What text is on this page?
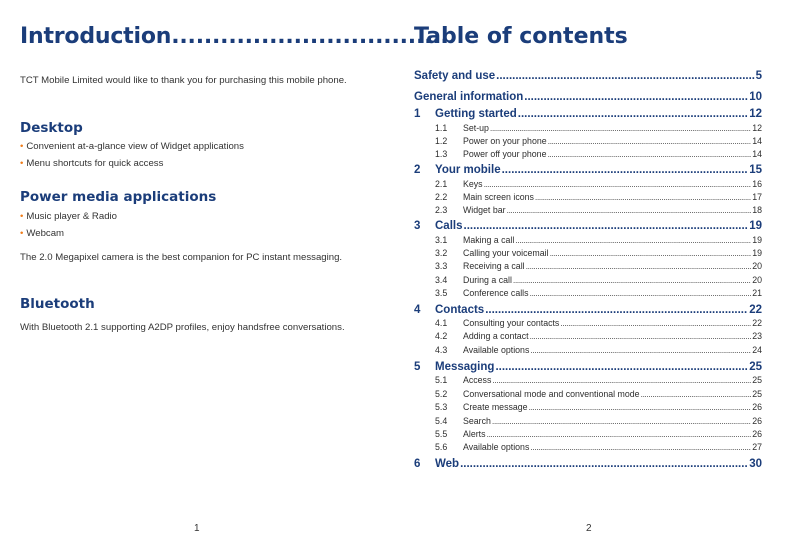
Introduction..................................
TCT Mobile Limited would like to thank you for purchasing this mobile phone.
Desktop
• Convenient at-a-glance view of Widget applications
• Menu shortcuts for quick access
Power media applications
• Music player & Radio
• Webcam
The 2.0 Megapixel camera is the best companion for PC instant messaging.
Bluetooth
With Bluetooth 2.1 supporting A2DP profiles, enjoy handsfree conversations.
1
Table of contents
Safety and use .....	5
General information .....	10
1	Getting started .....	12
1.1	Set-up .....	12
1.2	Power on your phone .....	14
1.3	Power off your phone .....	14
2	Your mobile .....	15
2.1	Keys .....	16
2.2	Main screen icons .....	17
2.3	Widget bar .....	18
3	Calls .....	19
3.1	Making a call .....	19
3.2	Calling your voicemail .....	19
3.3	Receiving a call .....	20
3.4	During a call .....	20
3.5	Conference calls .....	21
4	Contacts .....	22
4.1	Consulting your contacts .....	22
4.2	Adding a contact .....	23
4.3	Available options .....	24
5	Messaging .....	25
5.1	Access .....	25
5.2	Conversational mode and conventional mode .....	25
5.3	Create message .....	26
5.4	Search .....	26
5.5	Alerts .....	26
5.6	Available options .....	27
6	Web .....	30
2
